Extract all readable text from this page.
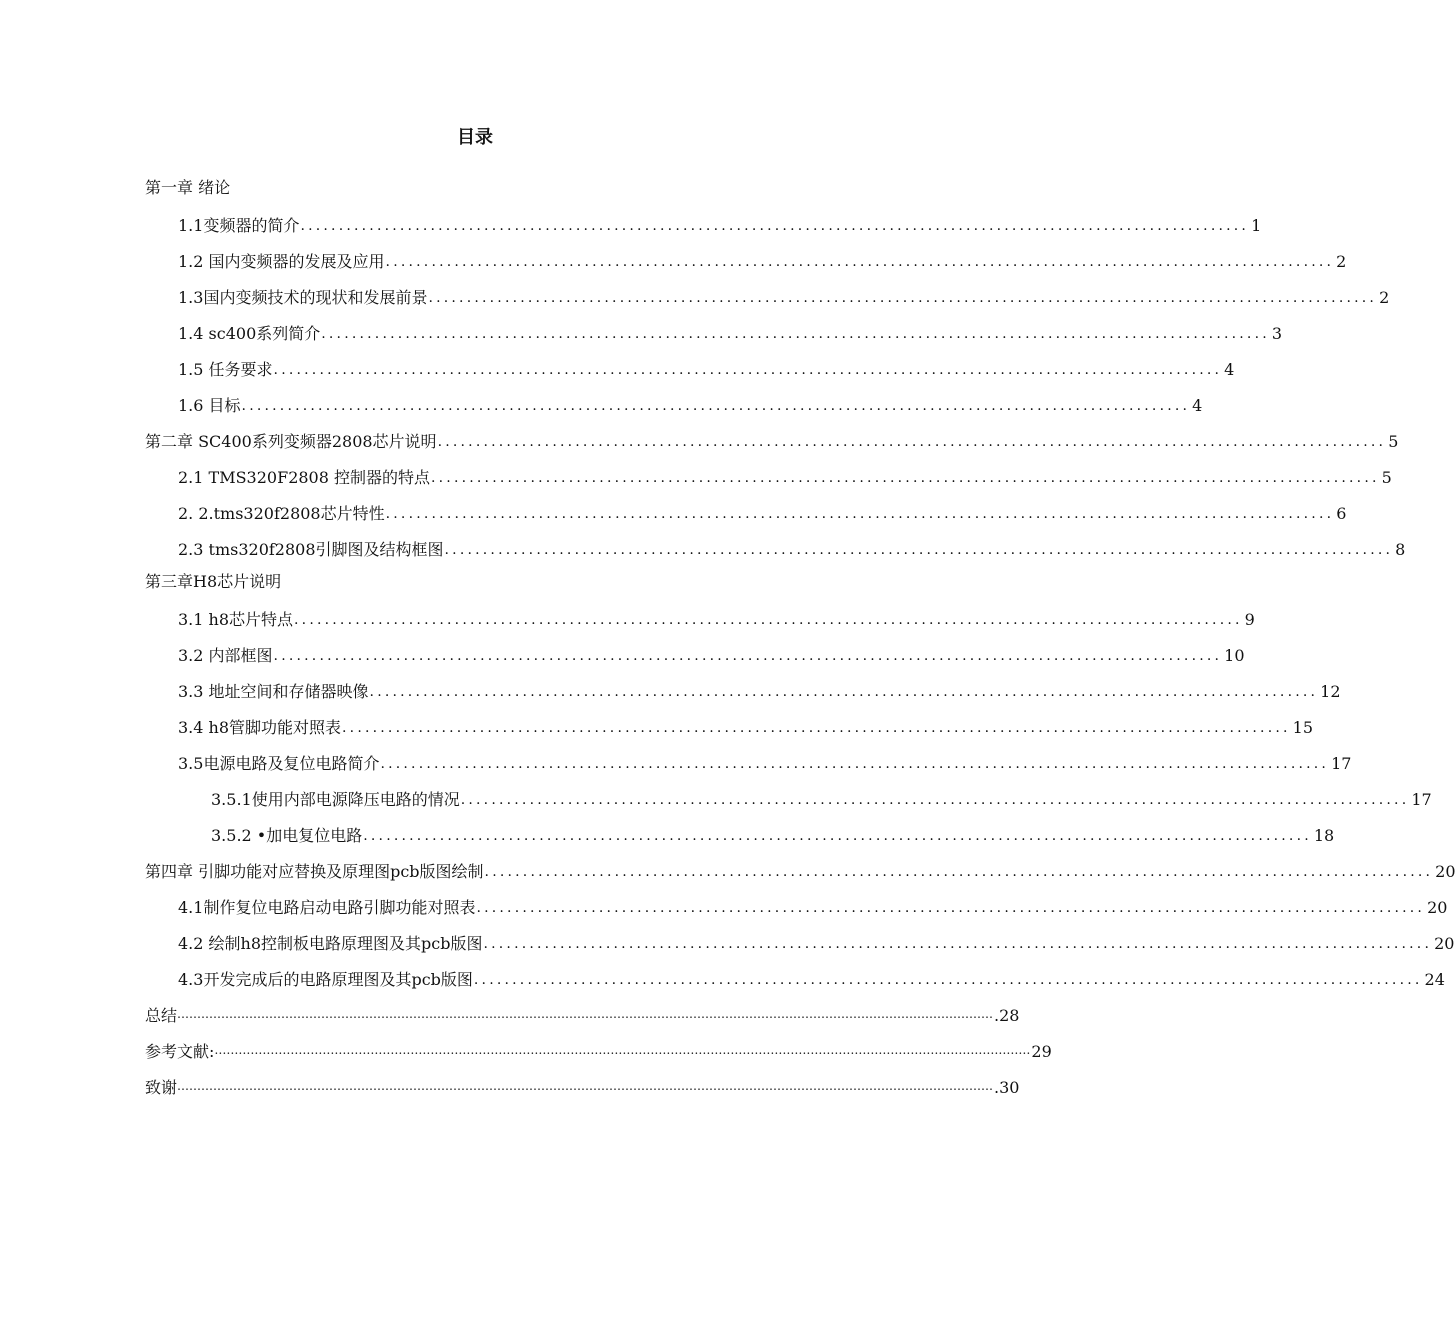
目录
第一章 绪论
1.1变频器的简介 ............................................................................................................................ 1
1.2 国内变频器的发展及应用 ............................................................................................................................ 2
1.3国内变频技术的现状和发展前景 ............................................................................................................................ 2
1.4 sc400系列简介 ............................................................................................................................ 3
1.5 任务要求 ............................................................................................................................ 4
1.6 目标 ............................................................................................................................ 4
第二章 SC400系列变频器2808芯片说明 ............................................................................................................................ 5
2.1 TMS320F2808 控制器的特点 ............................................................................................................................ 5
2. 2.tms320f2808芯片特性 ............................................................................................................................ 6
2.3 tms320f2808引脚图及结构框图 ............................................................................................................................ 8
第三章H8芯片说明
3.1 h8芯片特点 ............................................................................................................................ 9
3.2 内部框图 ............................................................................................................................ 10
3.3 地址空间和存储器映像 ............................................................................................................................ 12
3.4 h8管脚功能对照表 ............................................................................................................................ 15
3.5电源电路及复位电路简介 ............................................................................................................................ 17
3.5.1使用内部电源降压电路的情况 ............................................................................................................................ 17
3.5.2 •加电复位电路 ............................................................................................................................ 18
第四章 引脚功能对应替换及原理图pcb版图绘制 ............................................................................................................................ 20
4.1制作复位电路启动电路引脚功能对照表 ............................................................................................................................ 20
4.2 绘制h8控制板电路原理图及其pcb版图 ............................................................................................................................ 20
4.3开发完成后的电路原理图及其pcb版图 ............................................................................................................................ 24
总结 …………………………………………………………………………………………………………………………………………………………………………………… .28
参考文献: …………………………………………………………………………………………………………………………………………………………………………………… 29
致谢 …………………………………………………………………………………………………………………………………………………………………………………… .30
